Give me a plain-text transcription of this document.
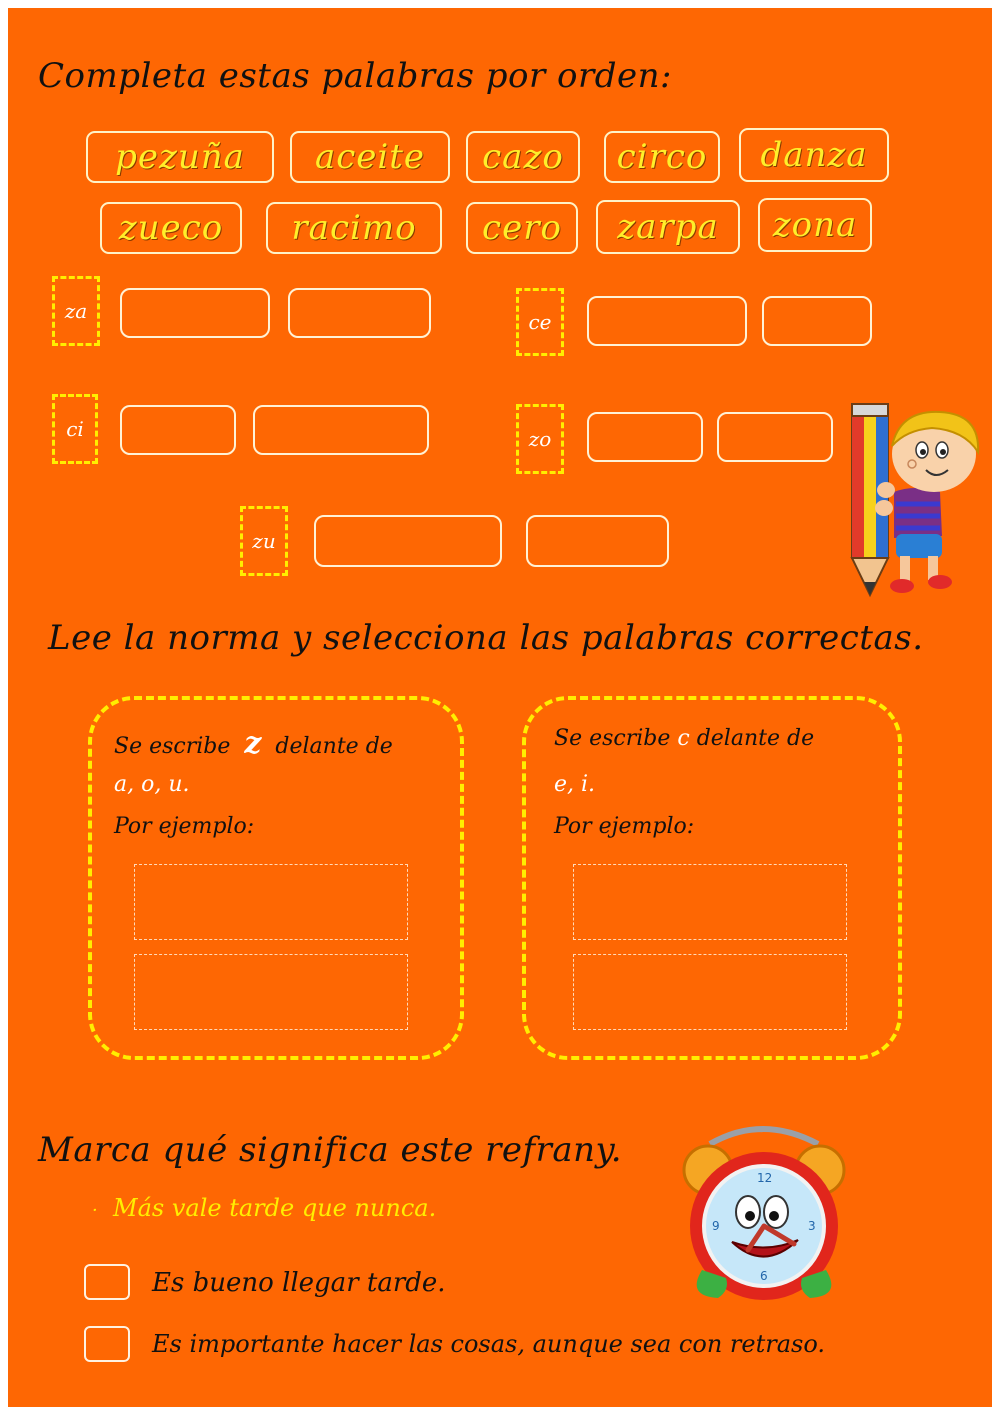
Completa estas palabras por orden:
pezuña	aceite	cazo	circo	danza
zueco	racimo	cero	zarpa	zona
za	ce
ci	zo
zu
Lee la norma y selecciona las palabras correctas.
Se escribe z delante de
a, o, u.
Por ejemplo:
Se escribe c delante de
e, i.
Por ejemplo:
Marca qué significa este refrany.
· Más vale tarde que nunca.
12
3
6
9
Es bueno llegar tarde.
Es importante hacer las cosas, aunque sea con retraso.
